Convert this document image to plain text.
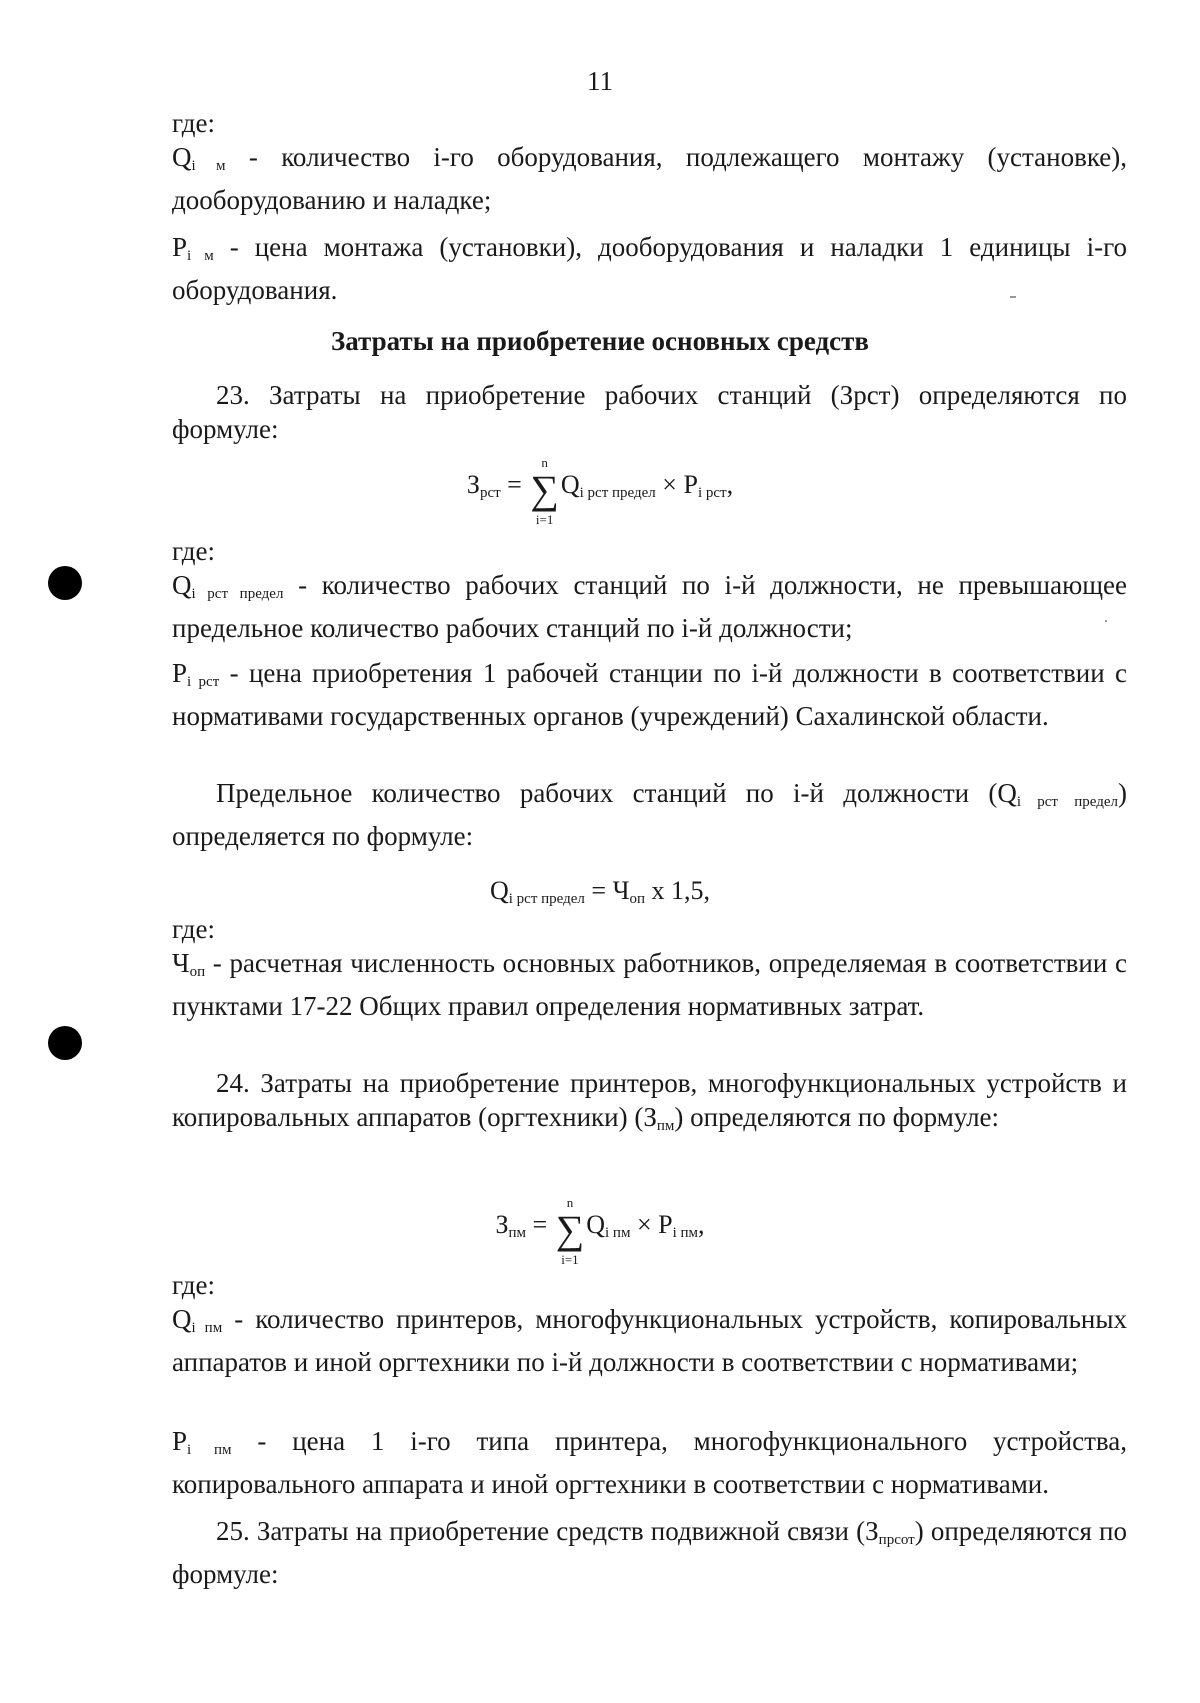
11
где:
$Q_{i м}$ - количество i-го оборудования, подлежащего монтажу (установке), дооборудованию и наладке;
$P_{i м}$ - цена монтажа (установки), дооборудования и наладки 1 единицы i-го оборудования.
Затраты на приобретение основных средств
23. Затраты на приобретение рабочих станций (Зрст) определяются по формуле:
$З_{рст}$ =
n
∑
i=1
$Q_{i рст предел} \times P_{i рст}$,
где:
$Q_{i рст предел}$ - количество рабочих станций по i-й должности, не превышающее предельное количество рабочих станций по i-й должности;
$P_{i рст}$ - цена приобретения 1 рабочей станции по i-й должности в соответствии с нормативами государственных органов (учреждений) Сахалинской области.
Предельное количество рабочих станций по i-й должности $(Q_{i рст предел})$ определяется по формуле:
$Q_{i рст предел} = Ч_{оп}$ x 1,5,
где:
$Ч_{оп}$ - расчетная численность основных работников, определяемая в соответствии с пунктами 17-22 Общих правил определения нормативных затрат.
24. Затраты на приобретение принтеров, многофункциональных устройств и копировальных аппаратов (оргтехники) $(З_{пм})$ определяются по формуле:
$З_{пм}$ =
n
∑
i=1
$Q_{i пм} \times P_{i пм}$,
где:
$Q_{i пм}$ - количество принтеров, многофункциональных устройств, копировальных аппаратов и иной оргтехники по i-й должности в соответствии с нормативами;
$P_{i пм}$ - цена 1 i-го типа принтера, многофункционального устройства, копировального аппарата и иной оргтехники в соответствии с нормативами.
25. Затраты на приобретение средств подвижной связи $(З_{прсот})$ определяются по формуле:
